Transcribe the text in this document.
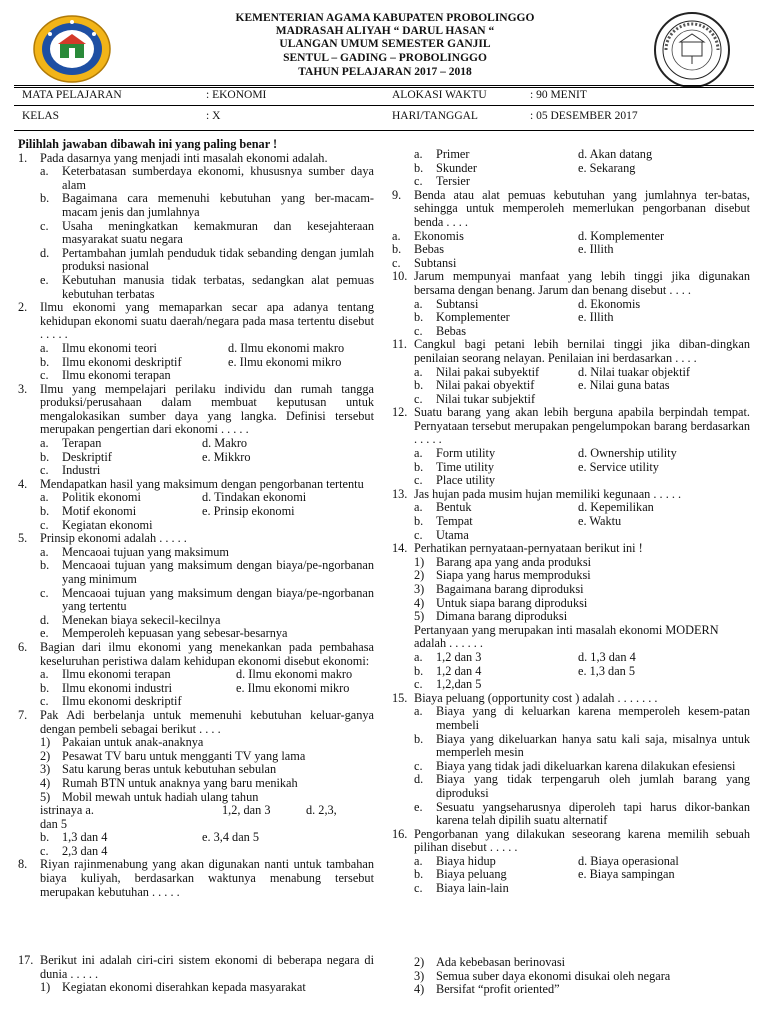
KEMENTERIAN AGAMA KABUPATEN PROBOLINGGO

MADRASAH ALIYAH “ DARUL HASAN “

ULANGAN UMUM SEMESTER GANJIL

SENTUL – GADING – PROBOLINGGO

TAHUN PELAJARAN 2017 – 2018

MATA PELAJARAN	: EKONOMI	ALOKASI WAKTU	: 90 MENIT
KELAS	: X	HARI/TANGGAL	: 05 DESEMBER 2017

Pilihlah jawaban dibawah ini yang paling benar !

1. Pada dasarnya yang menjadi inti masalah ekonomi adalah.

a. Keterbatasan sumberdaya ekonomi, khususnya sumber daya alam

b. Bagaimana cara memenuhi kebutuhan yang ber-macam-macam jenis dan jumlahnya

c. Usaha meningkatkan kemakmuran dan kesejahteraan masyarakat suatu negara

d. Pertambahan jumlah penduduk tidak sebanding dengan jumlah produksi nasional

e. Kebutuhan manusia tidak terbatas, sedangkan alat pemuas kebutuhan terbatas

2. Ilmu ekonomi yang memaparkan secar apa adanya tentang kehidupan ekonomi suatu daerah/negara pada masa tertentu disebut . . . . .

a. Ilmu ekonomi teori	d. Ilmu ekonomi makro
b. Ilmu ekonomi deskriptif	e. Ilmu ekonomi mikro

c. Ilmu ekonomi terapan

3. Ilmu yang mempelajari perilaku individu dan rumah tangga produksi/perusahaan dalam membuat keputusan untuk mengalokasikan sumber daya yang langka. Definisi tersebut merupakan pengertian dari ekonomi . . . . .

a. Terapan	d. Makro
b. Deskriptif	e. Mikkro

c. Industri

4. Mendapatkan hasil yang maksimum dengan pengorbanan tertentu

a. Politik ekonomi	d. Tindakan ekonomi
b. Motif ekonomi	e. Prinsip ekonomi

c. Kegiatan ekonomi

5. Prinsip ekonomi adalah . . . . .

a. Mencaoai tujuan yang maksimum

b. Mencaoai tujuan yang maksimum dengan biaya/pe-ngorbanan yang minimum

c. Mencaoai tujuan yang maksimum dengan biaya/pe-ngorbanan yang tertentu

d. Menekan biaya sekecil-kecilnya

e. Memperoleh kepuasan yang sebesar-besarnya

6. Bagian dari ilmu ekonomi yang menekankan pada pembahasa keseluruhan peristiwa dalam kehidupan ekonomi disebut ekonomi:

a. Ilmu ekonomi terapan	d. Ilmu ekonomi makro
b. Ilmu ekonomi industri	e. Ilmu ekonomi mikro

c. Ilmu ekonomi deskriptif

7. Pak Adi berbelanja untuk memenuhi kebutuhan keluar-ganya dengan pembeli sebagai berikut . . . .

1) Pakaian untuk anak-anaknya

2) Pesawat TV baru untuk mengganti TV yang lama

3) Satu karung beras untuk kebutuhan sebulan

4) Rumah BTN untuk anaknya yang baru menikah

5) Mobil mewah untuk hadiah ulang tahun

istrinaya a.	1,2, dan 3	d. 2,3,

dan 5

b. 1,3 dan 4	e. 3,4 dan 5

c. 2,3 dan 4

8. Riyan rajinmenabung yang akan digunakan nanti untuk tambahan biaya kuliyah, berdasarkan waktunya menabung tersebut merupakan kebutuhan . . . . .

17. Berikut ini adalah ciri-ciri sistem ekonomi di beberapa negara di dunia . . . . .

1) Kegiatan ekonomi diserahkan kepada masyarakat

a. Primer	d. Akan datang
b. Skunder	e. Sekarang

c. Tersier

9. Benda atau alat pemuas kebutuhan yang jumlahnya ter-batas, sehingga untuk memperoleh memerlukan pengorbanan disebut benda . . . .

a. Ekonomis	d. Komplementer
b. Bebas	e. Illith

c. Subtansi

10. Jarum mempunyai manfaat yang lebih tinggi jika digunakan bersama dengan benang. Jarum dan benang disebut . . . .

a. Subtansi	d. Ekonomis
b. Komplementer	e. Illith

c. Bebas

11. Cangkul bagi petani lebih bernilai tinggi jika diban-dingkan penilaian seorang nelayan. Penilaian ini berdasarkan . . . .

a. Nilai pakai subyektif	d. Nilai tuakar objektif
b. Nilai pakai obyektif	e. Nilai guna batas

c. Nilai tukar subjektif

12. Suatu barang yang akan lebih berguna apabila berpindah tempat. Pernyataan tersebut merupakan pengelumpokan barang berdasarkan . . . . .

a. Form utility	d. Ownership utility
b. Time utility	e. Service utility

c. Place utility

13. Jas hujan pada musim hujan memiliki kegunaan . . . . .

a. Bentuk	d. Kepemilikan
b. Tempat	e. Waktu

c. Utama

14. Perhatikan pernyataan-pernyataan berikut ini !

1) Barang apa yang anda produksi

2) Siapa yang harus memproduksi

3) Bagaimana barang diproduksi

4) Untuk siapa barang diproduksi

5) Dimana barang diproduksi

Pertanyaan yang merupakan inti masalah ekonomi MODERN adalah . . . . . .

a. 1,2 dan 3	d. 1,3 dan 4
b. 1,2 dan 4	e. 1,3 dan 5

c. 1,2,dan 5

15. Biaya peluang (opportunity cost ) adalah . . . . . . .

a. Biaya yang di keluarkan karena memperoleh kesem-patan membeli

b. Biaya yang dikeluarkan hanya satu kali saja, misalnya untuk memperleh mesin

c. Biaya yang tidak jadi dikeluarkan karena dilakukan efesiensi

d. Biaya yang tidak terpengaruh oleh jumlah barang yang diproduksi

e. Sesuatu yangseharusnya diperoleh tapi harus dikor-bankan karena telah dipilih suatu alternatif

16. Pengorbanan yang dilakukan seseorang karena memilih sebuah pilihan disebut . . . . .

a. Biaya hidup	d. Biaya operasional
b. Biaya peluang	e. Biaya sampingan

c. Biaya lain-lain

2) Ada kebebasan berinovasi

3) Semua suber daya ekonomi disukai oleh negara

4) Bersifat “profit oriented”
